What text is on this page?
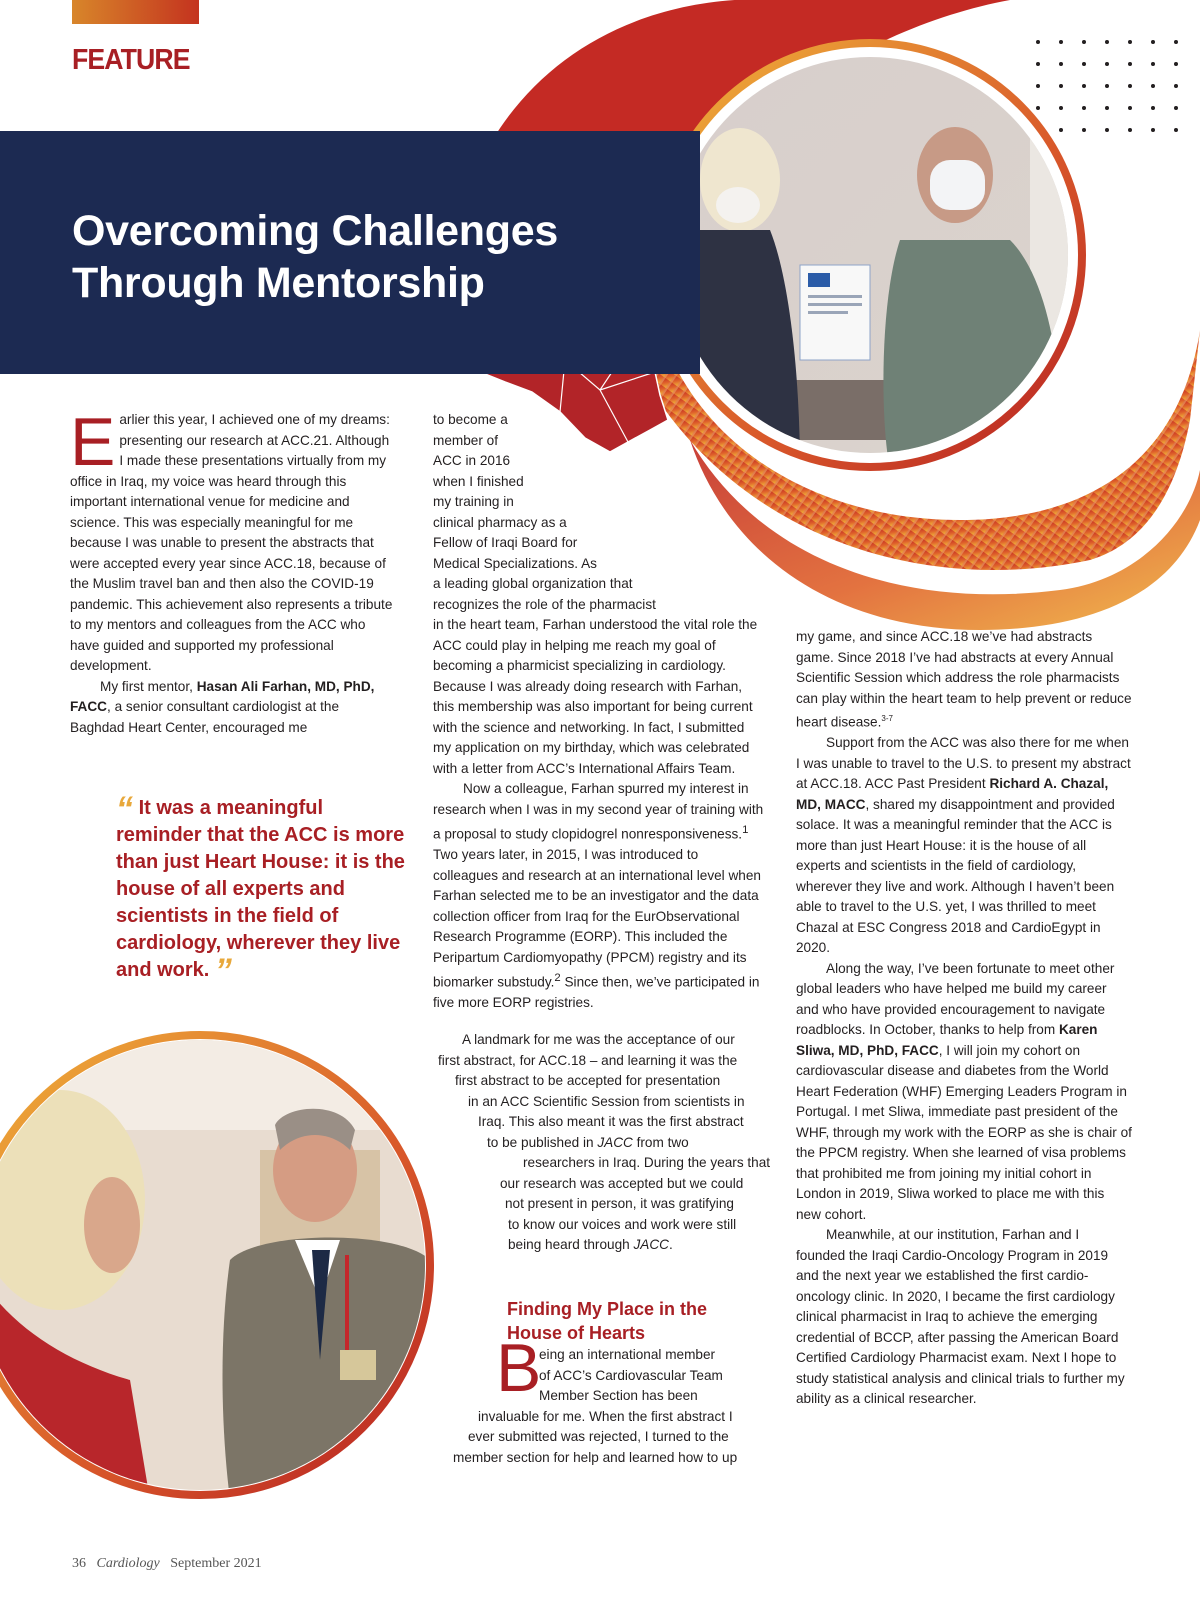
FEATURE
Overcoming Challenges
Through Mentorship

Earlier this year, I achieved one of my dreams: presenting our research at ACC.21. Although I made these presentations virtually from my office in Iraq, my voice was heard through this important international venue for medicine and science. This was especially meaningful for me because I was unable to present the abstracts that were accepted every year since ACC.18, because of the Muslim travel ban and then also the COVID-19 pandemic. This achievement also represents a tribute to my mentors and colleagues from the ACC who have guided and supported my professional development.

My first mentor, Hasan Ali Farhan, MD, PhD, FACC, a senior consultant cardiologist at the Baghdad Heart Center, encouraged me

“ It was a meaningful reminder that the ACC is more than just Heart House: it is the house of all experts and scientists in the field of cardiology, wherever they live and work. ”
to become a
member of
ACC in 2016
when I finished
my training in
clinical pharmacy as a
Fellow of Iraqi Board for
Medical Specializations. As
a leading global organization that
recognizes the role of the pharmacist

in the heart team, Farhan understood the vital role the ACC could play in helping me reach my goal of becoming a pharmicist specializing in cardiology. Because I was already doing research with Farhan, this membership was also important for being current with the science and networking. In fact, I submitted my application on my birthday, which was celebrated with a letter from ACC’s International Affairs Team.

Now a colleague, Farhan spurred my interest in research when I was in my second year of training with a proposal to study clopidogrel nonresponsiveness.$^1$ Two years later, in 2015, I was introduced to colleagues and research at an international level when Farhan selected me to be an investigator and the data collection officer from Iraq for the EurObservational Research Programme (EORP). This included the Peripartum Cardiomyopathy (PPCM) registry and its biomarker substudy.$^2$ Since then, we’ve participated in five more EORP registries.

A landmark for me was the acceptance of our
first abstract, for ACC.18 – and learning it was the
first abstract to be accepted for presentation
in an ACC Scientific Session from scientists in
Iraq. This also meant it was the first abstract
to be published in JACC from two
researchers in Iraq. During the years that
our research was accepted but we could
not present in person, it was gratifying
to know our voices and work were still
being heard through JACC.
Finding My Place in the House of Hearts
B
eing an international member
of ACC’s Cardiovascular Team
Member Section has been
invaluable for me. When the first abstract I
ever submitted was rejected, I turned to the
member section for help and learned how to up

my game, and since ACC.18 we’ve had abstracts game. Since 2018 I’ve had abstracts at every Annual Scientific Session which address the role pharmacists can play within the heart team to help prevent or reduce heart disease.$^{3-7}$

Support from the ACC was also there for me when I was unable to travel to the U.S. to present my abstract at ACC.18. ACC Past President Richard A. Chazal, MD, MACC, shared my disappointment and provided solace. It was a meaningful reminder that the ACC is more than just Heart House: it is the house of all experts and scientists in the field of cardiology, wherever they live and work. Although I haven’t been able to travel to the U.S. yet, I was thrilled to meet Chazal at ESC Congress 2018 and CardioEgypt in 2020.

Along the way, I’ve been fortunate to meet other global leaders who have helped me build my career and who have provided encouragement to navigate roadblocks. In October, thanks to help from Karen Sliwa, MD, PhD, FACC, I will join my cohort on cardiovascular disease and diabetes from the World Heart Federation (WHF) Emerging Leaders Program in Portugal. I met Sliwa, immediate past president of the WHF, through my work with the EORP as she is chair of the PPCM registry. When she learned of visa problems that prohibited me from joining my initial cohort in London in 2019, Sliwa worked to place me with this new cohort.

Meanwhile, at our institution, Farhan and I founded the Iraqi Cardio-Oncology Program in 2019 and the next year we established the first cardio-oncology clinic. In 2020, I became the first cardiology clinical pharmacist in Iraq to achieve the emerging credential of BCCP, after passing the American Board Certified Cardiology Pharmacist exam. Next I hope to study statistical analysis and clinical trials to further my ability as a clinical researcher.

36 Cardiology September 2021
